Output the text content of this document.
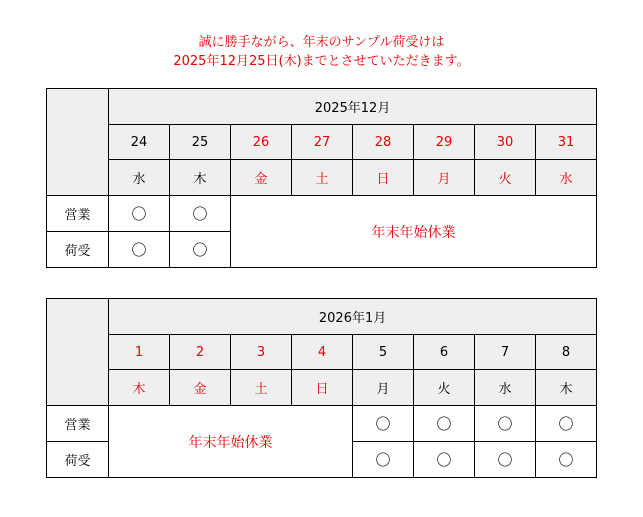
誠に勝手ながら、年末のサンプル荷受けは
2025年12月25日(木)までとさせていただきます。
	2025年12月							
	24	25	26	27	28	29	30	31
	水	木	金	土	日	月	火	水
営業	〇	〇	年末年始休業					
荷受	〇	〇						
	2026年1月							
	1	2	3	4	5	6	7	8
	木	金	土	日	月	火	水	木
営業	年末年始休業				〇	〇	〇	〇
荷受					〇	〇	〇	〇
